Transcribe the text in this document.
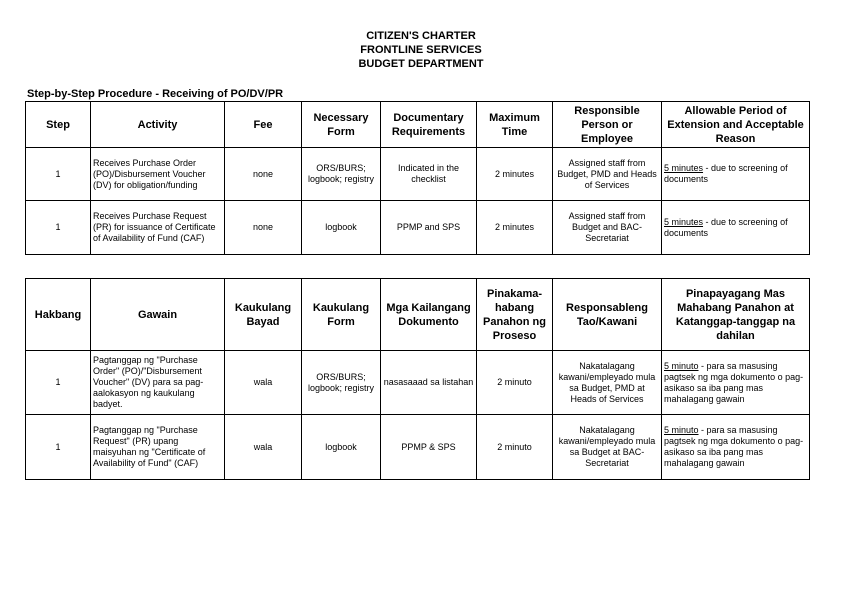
CITIZEN'S CHARTER
FRONTLINE SERVICES
BUDGET DEPARTMENT
Step-by-Step Procedure - Receiving of PO/DV/PR
Step	Activity	Fee	Necessary Form	Documentary Requirements	Maximum Time	Responsible Person or Employee	Allowable Period of Extension and Acceptable Reason
1	Receives Purchase Order (PO)/Disbursement Voucher (DV) for obligation/funding	none	ORS/BURS; logbook; registry	Indicated in the checklist	2 minutes	Assigned staff from Budget, PMD and Heads of Services	5 minutes - due to screening of documents
1	Receives Purchase Request (PR) for issuance of Certificate of Availability of Fund (CAF)	none	logbook	PPMP and SPS	2 minutes	Assigned staff from Budget and BAC-Secretariat	5 minutes - due to screening of documents
Hakbang	Gawain	Kaukulang Bayad	Kaukulang Form	Mga Kailangang Dokumento	Pinakama-habang Panahon ng Proseso	Responsableng Tao/Kawani	Pinapayagang Mas Mahabang Panahon at Katanggap-tanggap na dahilan
1	Pagtanggap ng "Purchase Order" (PO)/"Disbursement Voucher" (DV) para sa pag-aalokasyon ng kaukulang badyet.	wala	ORS/BURS; logbook; registry	nasasaaad sa listahan	2 minuto	Nakatalagang kawani/empleyado mula sa Budget, PMD at Heads of Services	5 minuto - para sa masusing pagtsek ng mga dokumento o pag-asikaso sa iba pang mas mahalagang gawain
1	Pagtanggap ng "Purchase Request" (PR) upang maisyuhan ng "Certificate of Availability of Fund" (CAF)	wala	logbook	PPMP & SPS	2 minuto	Nakatalagang kawani/empleyado mula sa Budget at BAC-Secretariat	5 minuto - para sa masusing pagtsek ng mga dokumento o pag-asikaso sa iba pang mas mahalagang gawain
